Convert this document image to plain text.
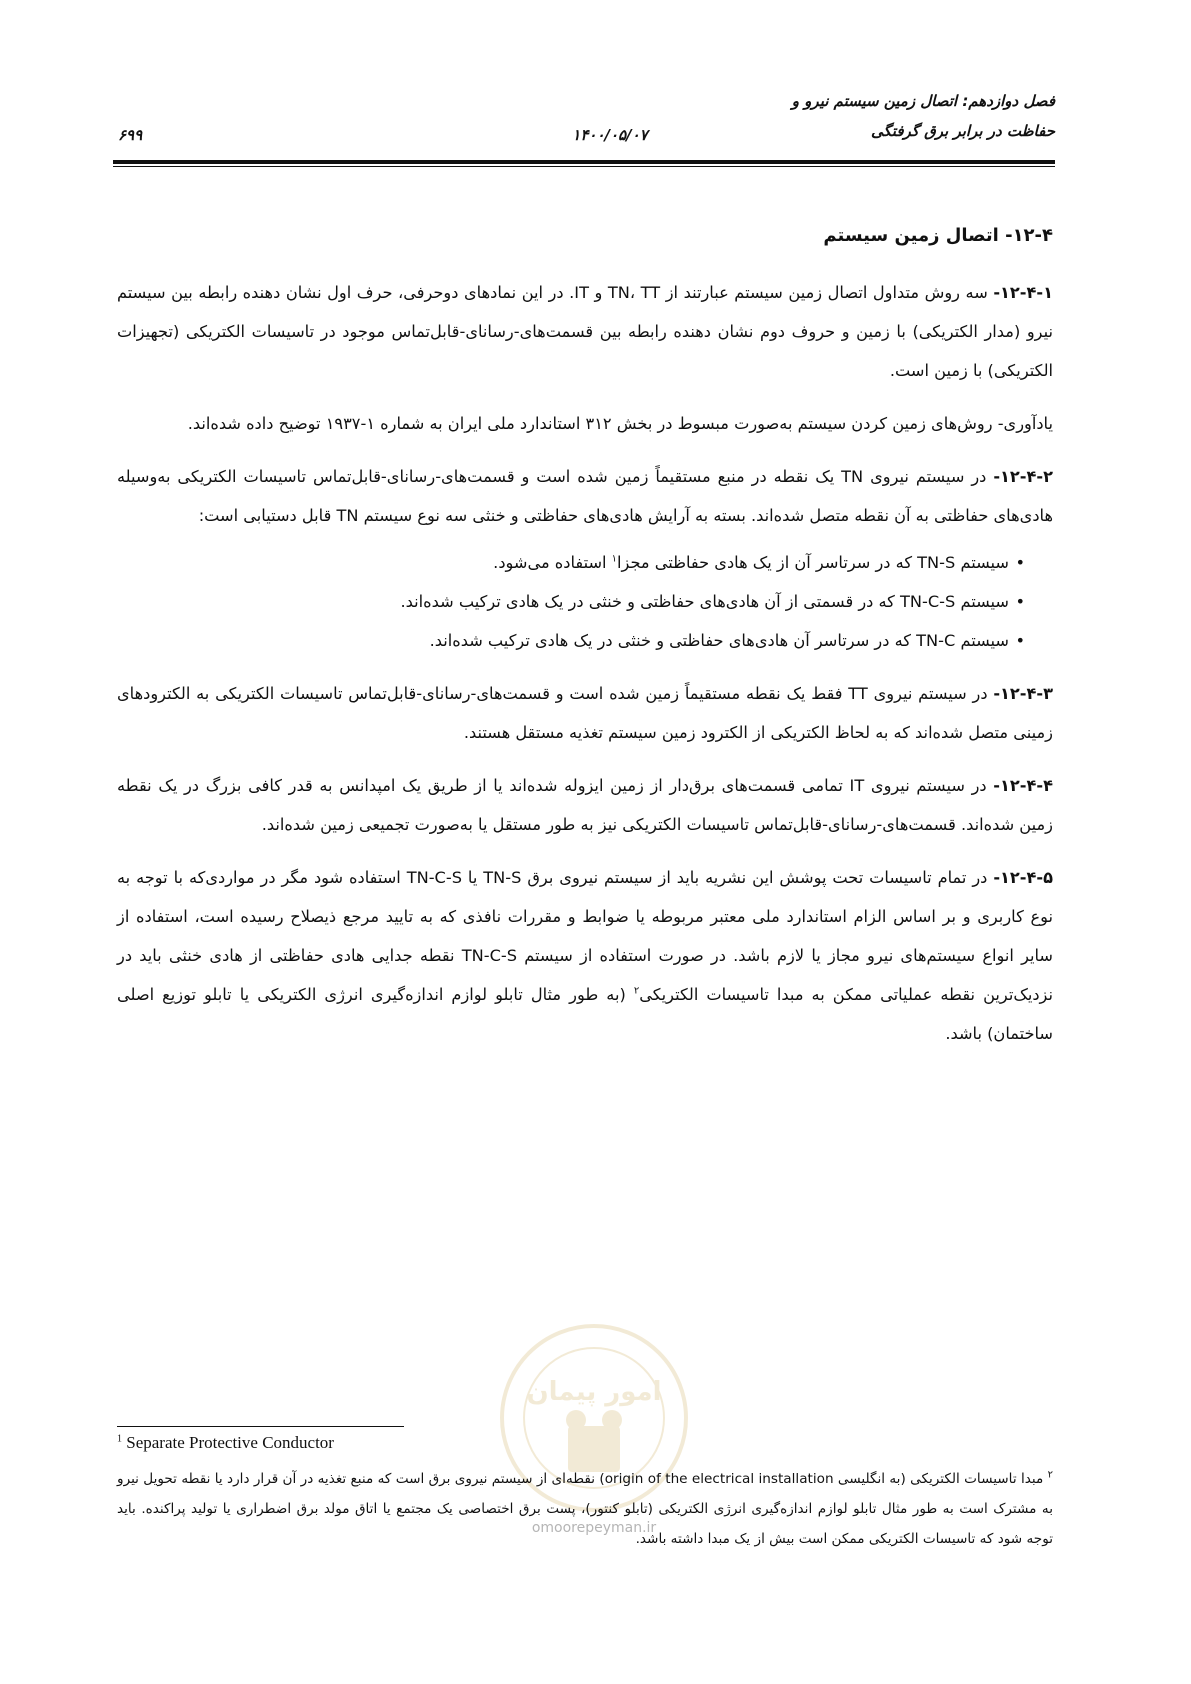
فصل دوازدهم: اتصال زمین سیستم نیرو و
حفاظت در برابر برق گرفتگی
۱۴۰۰/۰۵/۰۷
۶۹۹
۱۲-۴- اتصال زمین سیستم

۱۲-۴-۱- سه روش متداول اتصال زمین سیستم عبارتند از TN، TT و IT. در این نمادهای دوحرفی، حرف اول نشان دهنده رابطه بین سیستم نیرو (مدار الکتریکی) با زمین و حروف دوم نشان دهنده رابطه بین قسمت‌های-رسانای-قابل‌تماس موجود در تاسیسات الکتریکی (تجهیزات الکتریکی) با زمین است.

یادآوری- روش‌های زمین کردن سیستم به‌صورت مبسوط در بخش ۳۱۲ استاندارد ملی ایران به شماره ۱-۱۹۳۷ توضیح داده شده‌اند.

۱۲-۴-۲- در سیستم نیروی TN یک نقطه در منبع مستقیماً زمین شده است و قسمت‌های-رسانای-قابل‌تماس تاسیسات الکتریکی به‌وسیله هادی‌های حفاظتی به آن نقطه متصل شده‌اند. بسته به آرایش هادی‌های حفاظتی و خنثی سه نوع سیستم TN قابل دستیابی است:

•
سیستم TN-S که در سرتاسر آن از یک هادی حفاظتی مجزا$^۱$ استفاده می‌شود.
•
سیستم TN-C-S که در قسمتی از آن هادی‌های حفاظتی و خنثی در یک هادی ترکیب شده‌اند.
•
سیستم TN-C که در سرتاسر آن هادی‌های حفاظتی و خنثی در یک هادی ترکیب شده‌اند.

۱۲-۴-۳- در سیستم نیروی TT فقط یک نقطه مستقیماً زمین شده است و قسمت‌های-رسانای-قابل‌تماس تاسیسات الکتریکی به الکترودهای زمینی متصل شده‌اند که به لحاظ الکتریکی از الکترود زمین سیستم تغذیه مستقل هستند.

۱۲-۴-۴- در سیستم نیروی IT تمامی قسمت‌های برق‌دار از زمین ایزوله شده‌اند یا از طریق یک امپدانس به قدر کافی بزرگ در یک نقطه زمین شده‌اند. قسمت‌های-رسانای-قابل‌تماس تاسیسات الکتریکی نیز به طور مستقل یا به‌صورت تجمیعی زمین شده‌اند.

۱۲-۴-۵- در تمام تاسیسات تحت پوشش این نشریه باید از سیستم نیروی برق TN-S یا TN-C-S استفاده شود مگر در مواردی‌که با توجه به نوع کاربری و بر اساس الزام استاندارد ملی معتبر مربوطه یا ضوابط و مقررات نافذی که به تایید مرجع ذیصلاح رسیده است، استفاده از سایر انواع سیستم‌های نیرو مجاز یا لازم باشد. در صورت استفاده از سیستم TN-C-S نقطه جدایی هادی حفاظتی از هادی خنثی باید در نزدیک‌ترین نقطه عملیاتی ممکن به مبدا تاسیسات الکتریکی$^۲$ (به طور مثال تابلو لوازم اندازه‌گیری انرژی الکتریکی یا تابلو توزیع اصلی ساختمان) باشد.

امور پیمان
omoorepeyman.ir
$^1$ Separate Protective Conductor
$^۲$ مبدا تاسیسات الکتریکی (به انگلیسی origin of the electrical installation) نقطه‌ای از سیستم نیروی برق است که منبع تغذیه در آن قرار دارد یا نقطه تحویل نیرو به مشترک است به طور مثال تابلو لوازم اندازه‌گیری انرژی الکتریکی (تابلو کنتور)، پست برق اختصاصی یک مجتمع یا اتاق مولد برق اضطراری یا تولید پراکنده. باید توجه شود که تاسیسات الکتریکی ممکن است بیش از یک مبدا داشته باشد.
